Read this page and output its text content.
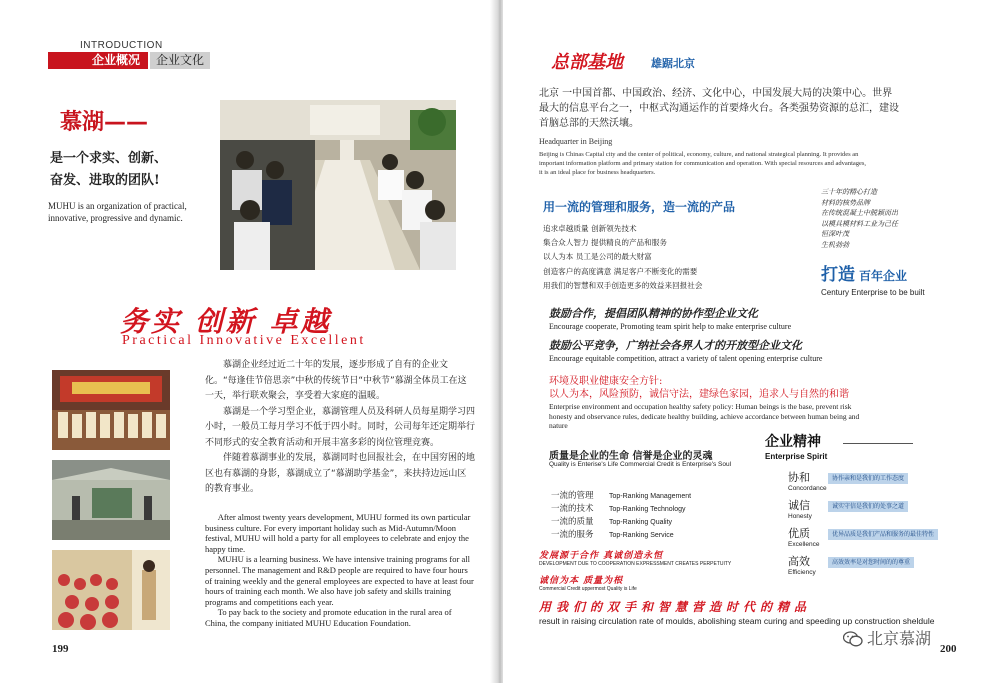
INTRODUCTION
企业概况	企业文化
慕湖——
是一个求实、创新、
奋发、进取的团队!
MUHU is an organization of practical, innovative, progressive and dynamic.
务实 创新 卓越
Practical Innovative Excellent

慕湖企业经过近二十年的发展，逐步形成了自有的企业文化。“每逢佳节倍思亲”中秋的传统节日“中秋节”慕湖全体员工在这一天，举行联欢聚会，享受着大家庭的温暖。

慕湖是一个学习型企业，慕湖管理人员及科研人员每星期学习四小时，一般员工每月学习不低于四小时。同时，公司每年还定期举行不同形式的安全教育活动和开展丰富多彩的岗位管理竞赛。

伴随着慕湖事业的发展，慕湖同时也回报社会，在中国穷困的地区也有慕湖的身影，慕湖成立了“慕湖助学基金”，来扶持边远山区的教育事业。

After almost twenty years development, MUHU formed its own particular business culture. For every important holiday such as Mid-Autumn/Moon festival, MUHU will hold a party for all employees to celebrate and enjoy the happy time.

MUHU is a learning business. We have intensive training programs for all personnel. The management and R&D people are required to have four hours of training weekly and the general employees are expected to have at least four hours of training each month. We also have job safety and skills training programs and competitions each year.

To pay back to the society and promote education in the rural area of China, the company initiated MUHU Education Foundation.

199
总部基地	雄踞北京
北京 一中国首都、中国政治、经济、文化中心，中国发展大局的决策中心。世界最大的信息平台之一，中枢式沟通运作的首要烽火台。各类强势资源的总汇，建设首脑总部的天然沃壤。
Headquarter in Beijing
Beijing is Chinas Capital city and the center of political, economy, culture, and national strategical planning. It provides an important information platform and primary station for communication and operation. With special resources and advantages, it is an ideal place for business headquarters.
用一流的管理和服务，造一流的产品
追求卓越质量 创新领先技术
集合众人智力 提供精良的产品和服务
以人为本 员工是公司的最大财富
创造客户的高度满意 满足客户不断变化的需要
用我们的智慧和双手创造更多的效益来回报社会
三十年的精心打造
材料的核势品牌
在传统混凝土中脱颖而出
以模具模材料工业为己任
恒深叶茂
生机勃勃
打造 百年企业
Century Enterprise to be built
鼓励合作，提倡团队精神的协作型企业文化
Encourage cooperate, Promoting team spirit help to make enterprise culture
鼓励公平竞争，广纳社会各界人才的开放型企业文化
Encourage equitable competition, attract a variety of talent opening enterprise culture
环境及职业健康安全方针:
以人为本，风险预防，诚信守法，建绿色家园，追求人与自然的和谐
Enterprise environment and occupation healthy safety policy: Human beings is the base, prevent risk honesty and observance rules, dedicate healthy building, achieve accordance between human being and nature
质量是企业的生命 信誉是企业的灵魂
Quality is Enterise's Life Commercial Credit is Enterprise's Soul
一流的管理 Top-Ranking Management
一流的技术 Top-Ranking Technology
一流的质量 Top-Ranking Quality
一流的服务 Top-Ranking Service
企业精神
Enterprise Spirit
协和
Concordance
协作亲和是我们的工作态度
诚信
Honesty
诚实守信是我们的处事之道
优质
Excellence
优异品质是我们产品和服务的最佳特性
高效
Efficiency
高效效率是对您时间的的尊重
发展源于合作 真诚创造永恒
DEVELOPMENT DUE TO COOPERATION EXPRESSMENT CREATES PERPETUITY
诚信为本 质量为根
Commercial Credit uppermost Quality is Life
用我们的双手和智慧营造时代的精品
result in raising circulation rate of moulds, abolishing steam curing and speeding up construction sheldule
北京慕湖
200
